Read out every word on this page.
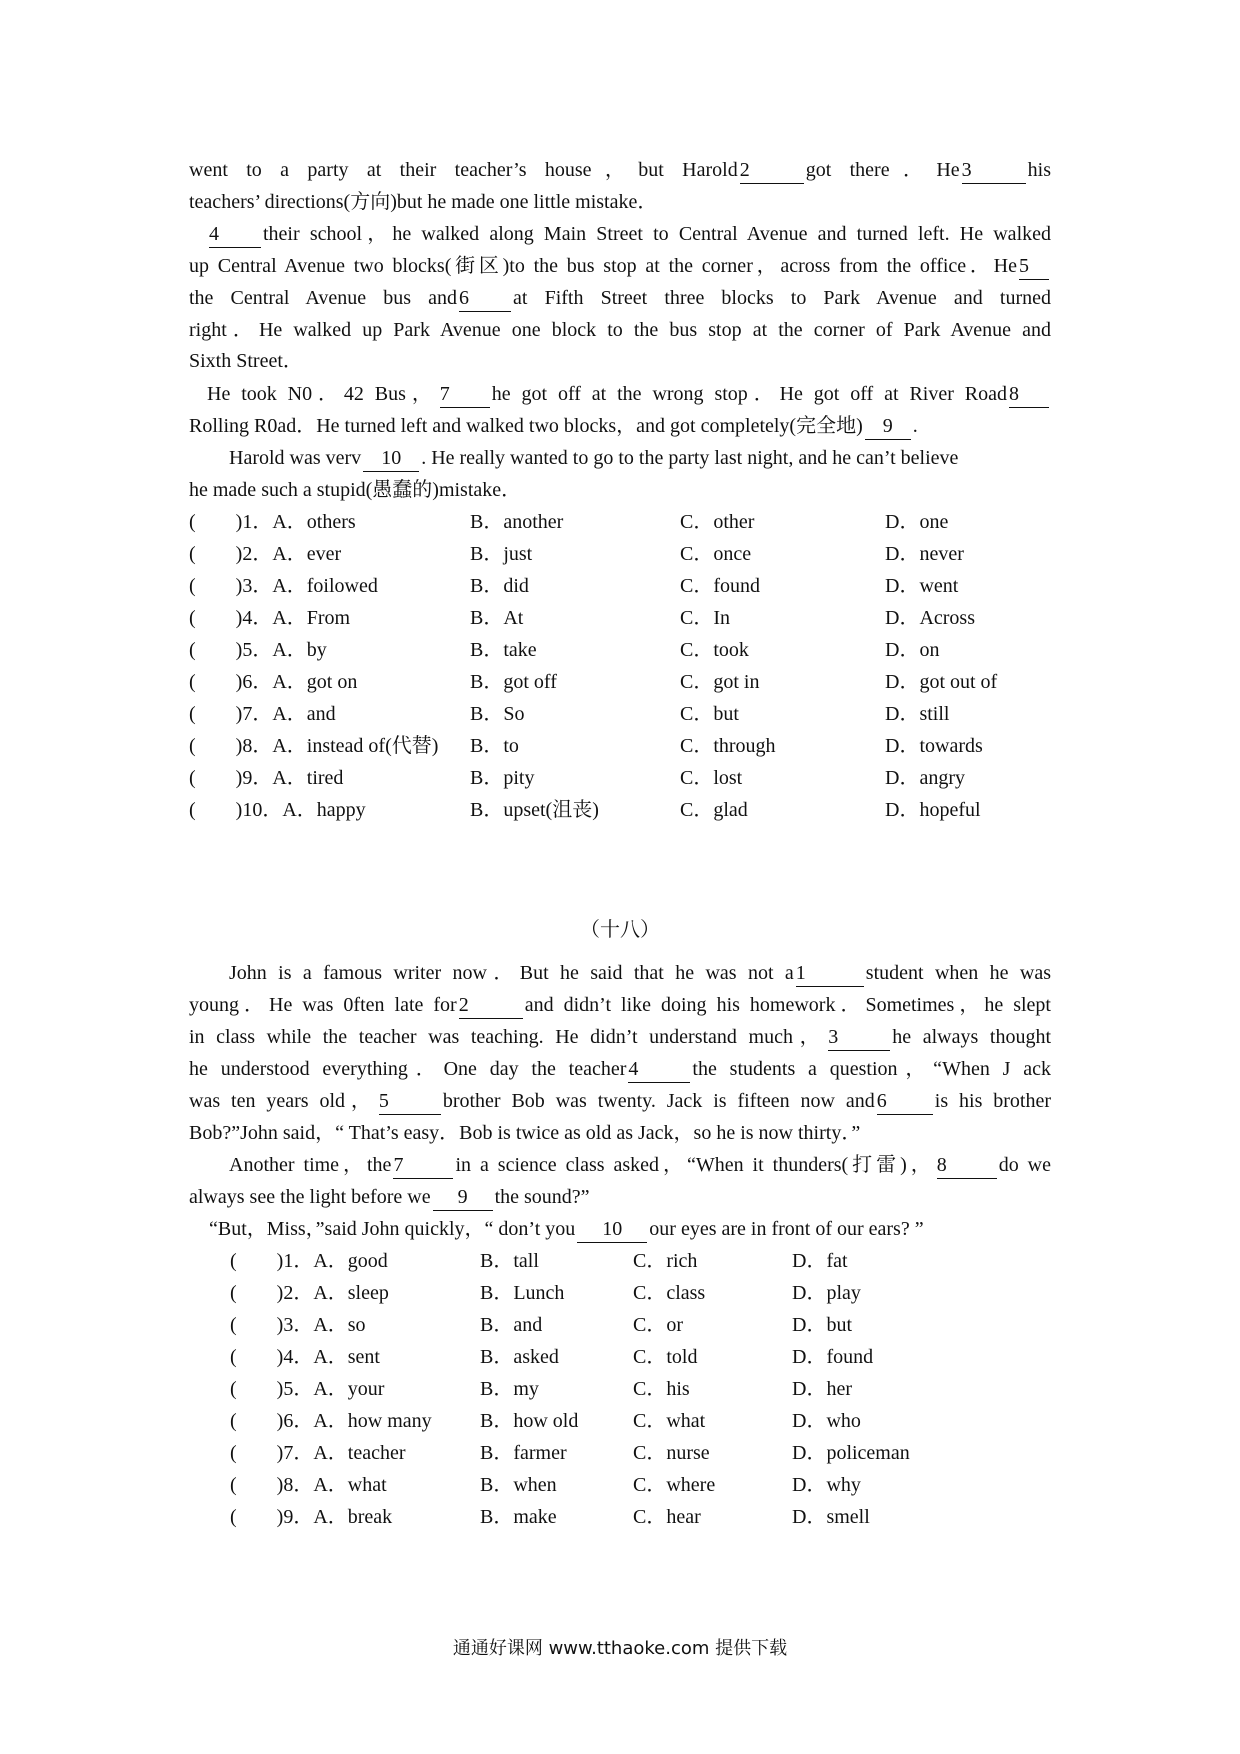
went to a party at their teacher’s house，but Harold 2	got there．He 3	his
teachers’ directions(方向)but he made one little mistake．
4 their school，he walked along Main Street to Central Avenue and turned left. He walked
up Central Avenue two blocks(街区)to the bus stop at the corner，across from the office．He 5
the Central Avenue bus and 6 at Fifth Street three blocks to Park Avenue and turned
right．He walked up Park Avenue one block to the bus stop at the corner of Park Avenue and
Sixth Street．
He took N0．42 Bus， 7 he got off at the wrong stop．He got off at River Road 8
Rolling R0ad．He turned left and walked two blocks，and got completely(完全地) 9 .
Harold was verv 10 . He really wanted to go to the party last night, and he can’t believe
he made such a stupid(愚蠢的)mistake．
(　　)1．A．others	B．another	C．other	D．one
(　　)2．A．ever	B．just	C．once	D．never
(　　)3．A．foilowed	B．did	C．found	D．went
(　　)4．A．From	B．At	C．In	D．Across
(　　)5．A．by	B．take	C．took	D．on
(　　)6．A．got on	B．got off	C．got in	D．got out of
(　　)7．A．and	B．So	C．but	D．still
(　　)8．A．instead of(代替) B．to	C．through	D．towards
(　　)9．A．tired	B．pity	C．lost	D．angry
(　　)10．A．happy	B．upset(沮丧)	C．glad	D．hopeful
（十八）
John is a famous writer now．But he said that he was not a 1	student when he was
young．He was 0ften late for 2	and didn’t like doing his homework．Sometimes，he slept
in class while the teacher was teaching. He didn’t understand much， 3	he always thought
he understood everything．One day the teacher 4	the students a question，“When J ack
was ten years old， 5	brother Bob was twenty. Jack is fifteen now and 6 is his brother
Bob?”John said，“ That’s easy．Bob is twice as old as Jack，so he is now thirty．”
Another time，the 7	in a science class asked，“When it thunders(打雷)， 8	do we
always see the light before we 9 the sound?”
“But，Miss，”said John quickly，“ don’t you 10 our eyes are in front of our ears? ”
(　　)1．A．good	B．tall	C．rich	D．fat
(　　)2．A．sleep	B．Lunch	C．class	D．play
(　　)3．A．so	B．and	C．or	D．but
(　　)4．A．sent	B．asked	C．told	D．found
(　　)5．A．your	B．my	C．his	D．her
(　　)6．A．how many B．how old	C．what	D．who
(　　)7．A．teacher	B．farmer	C．nurse	D．policeman
(　　)8．A．what	B．when	C．where	D．why
(　　)9．A．break	B．make	C．hear	D．smell
通通好课网 www.tthaoke.com 提供下载
